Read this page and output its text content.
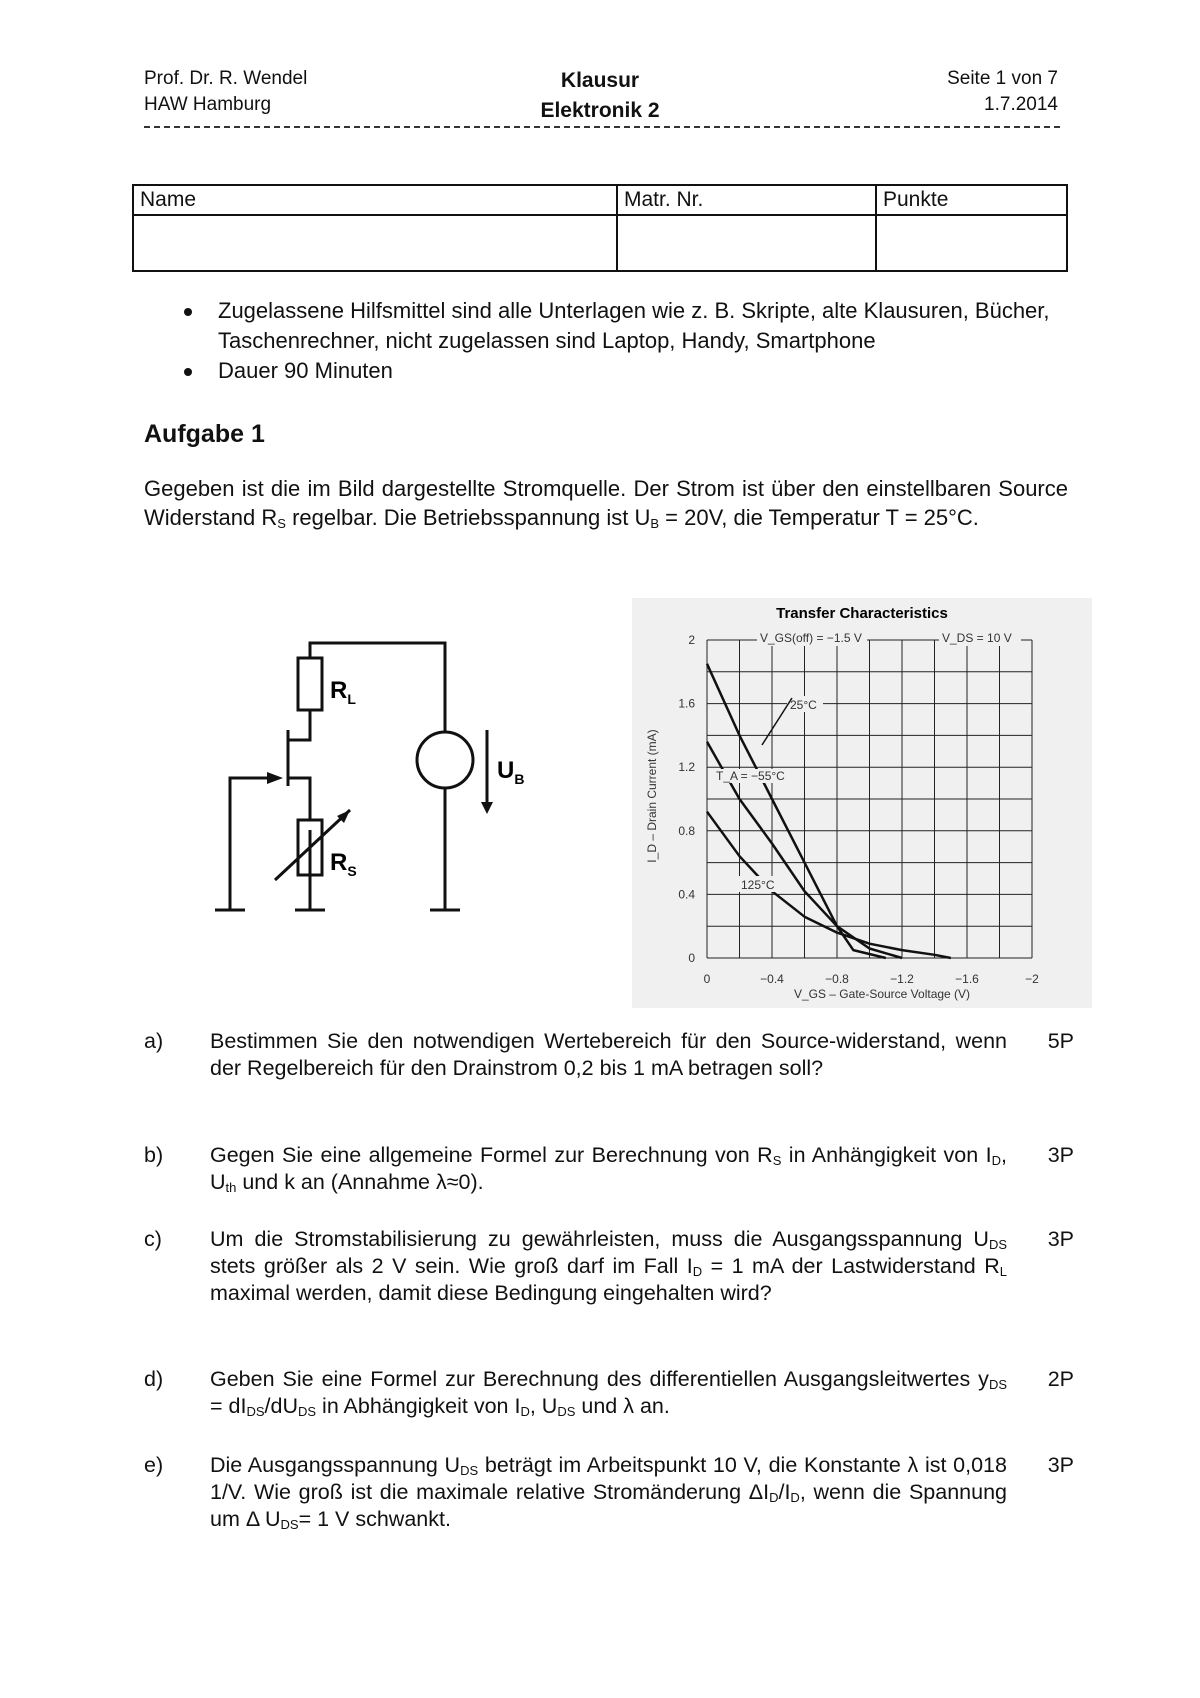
Prof. Dr. R. Wendel
HAW Hamburg
Klausur
Elektronik 2
Seite 1 von 7
1.7.2014
Name	Matr. Nr.	Punkte

Zugelassene Hilfsmittel sind alle Unterlagen wie z. B. Skripte, alte Klausuren, Bücher, Taschenrechner, nicht zugelassen sind Laptop, Handy, Smartphone
Dauer 90 Minuten
Aufgabe 1
Gegeben ist die im Bild dargestellte Stromquelle. Der Strom ist über den einstellbaren Source Widerstand $R_S$ regelbar. Die Betriebsspannung ist $U_B = 20V$, die Temperatur T = 25°C.
$R_L$
$R_S$
$U_B$
Transfer Characteristics
0	−0.4	−0.8	−1.2	−1.6	−2
0
0.4
0.8
1.2
1.6
2
T_A = −55°C
V_GS(off) = −1.5 V	V_DS = 10 V
25°C
125°C
V_GS – Gate-Source Voltage (V)
I_D – Drain Current (mA)
a) Bestimmen Sie den notwendigen Wertebereich für den Source-widerstand, wenn der Regelbereich für den Drainstrom 0,2 bis 1 mA betragen soll?
5P
b) Gegen Sie eine allgemeine Formel zur Berechnung von $R_S$ in Anhängigkeit von $I_D$, $U_{th}$ und k an (Annahme λ≈0).
3P
c) Um die Stromstabilisierung zu gewährleisten, muss die Ausgangsspannung $U_{DS}$ stets größer als 2 V sein. Wie groß darf im Fall $I_D = 1$ mA der Lastwiderstand $R_L$ maximal werden, damit diese Bedingung eingehalten wird?
3P
d) Geben Sie eine Formel zur Berechnung des differentiellen Ausgangsleitwertes $y_{DS} = dI_{DS}/dU_{DS}$ in Abhängigkeit von $I_D$, $U_{DS}$ und λ an.
2P
e) Die Ausgangsspannung $U_{DS}$ beträgt im Arbeitspunkt 10 V, die Konstante λ ist 0,018 1/V. Wie groß ist die maximale relative Stromänderung $\Delta I_D/I_D$, wenn die Spannung um Δ $U_{DS}= 1$ V schwankt.
3P
